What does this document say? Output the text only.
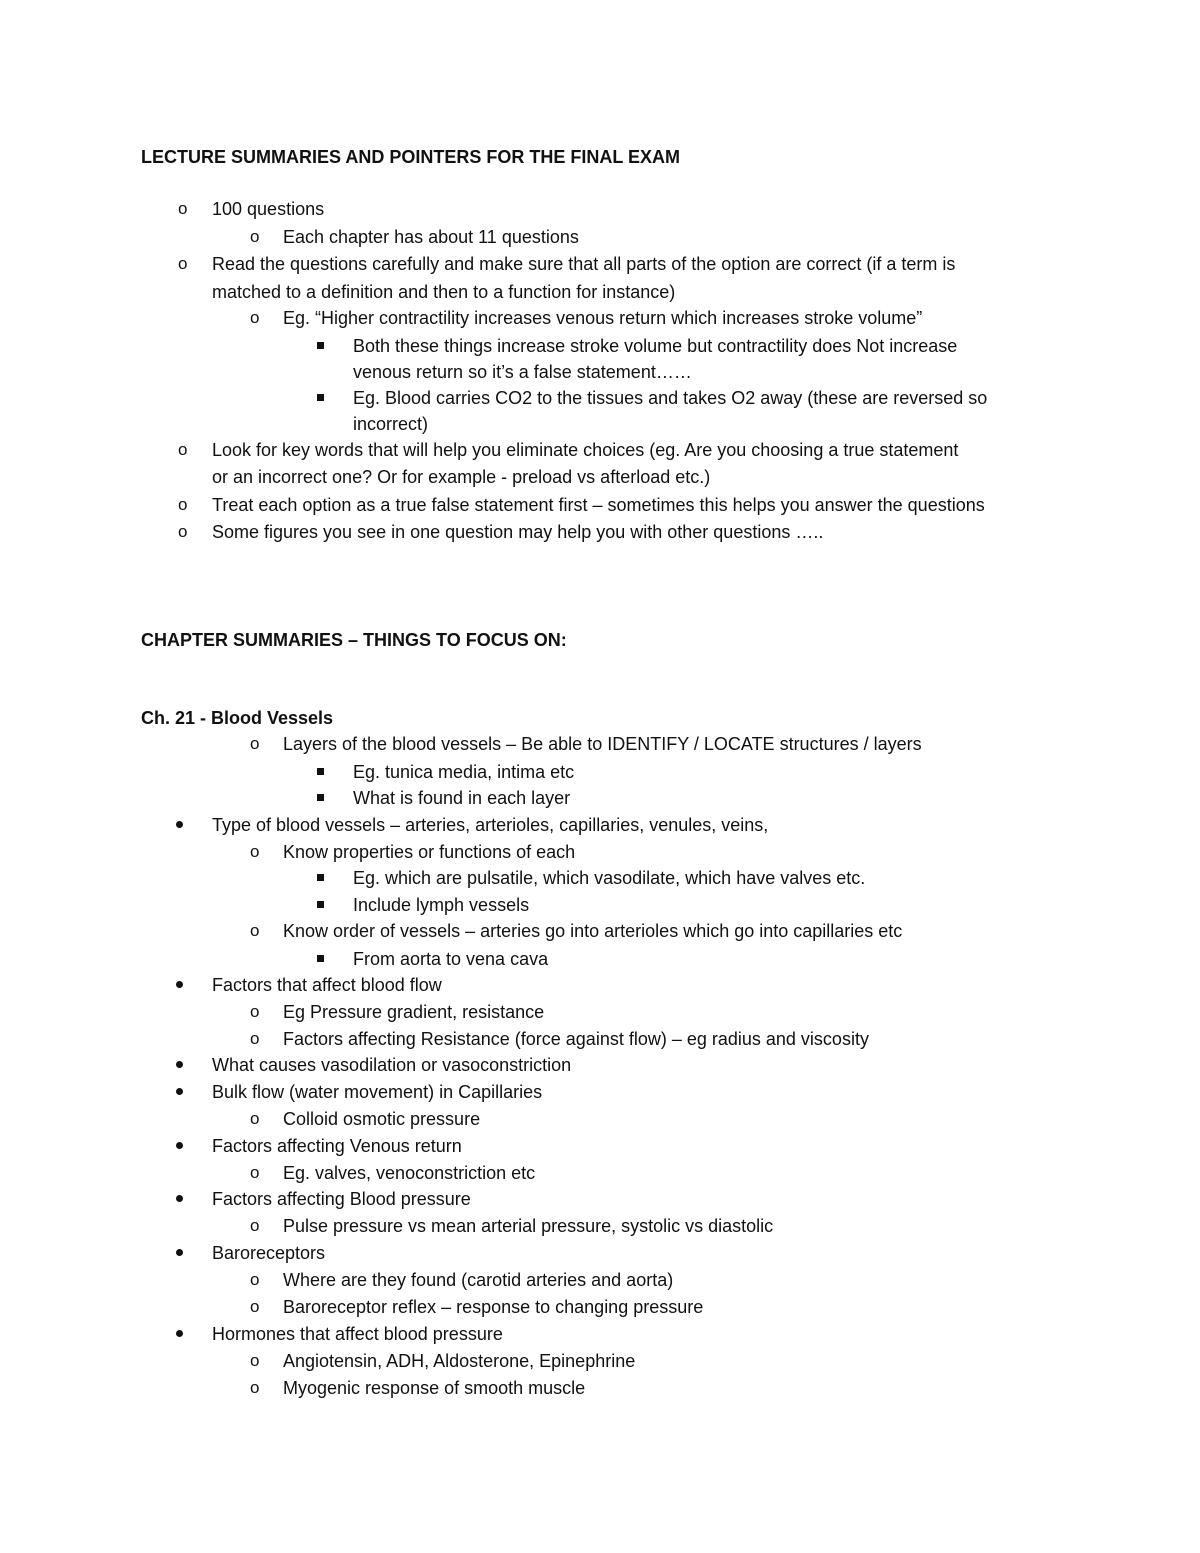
LECTURE SUMMARIES AND POINTERS FOR THE FINAL EXAM
o	100 questions
o	Each chapter has about 11 questions
o	Read the questions carefully and make sure that all parts of the option are correct (if a term is
matched to a definition and then to a function for instance)
o	Eg. “Higher contractility increases venous return which increases stroke volume”
Both these things increase stroke volume but contractility does Not increase
venous return so it’s a false statement……
Eg. Blood carries CO2 to the tissues and takes O2 away (these are reversed so
incorrect)
o	Look for key words that will help you eliminate choices (eg. Are you choosing a true statement
or an incorrect one? Or for example - preload vs afterload etc.)
o	Treat each option as a true false statement first – sometimes this helps you answer the questions
o	Some figures you see in one question may help you with other questions …..
CHAPTER SUMMARIES – THINGS TO FOCUS ON:
Ch. 21 - Blood Vessels
o	Layers of the blood vessels – Be able to IDENTIFY / LOCATE structures / layers
Eg. tunica media, intima etc
What is found in each layer
Type of blood vessels – arteries, arterioles, capillaries, venules, veins,
o	Know properties or functions of each
Eg. which are pulsatile, which vasodilate, which have valves etc.
Include lymph vessels
o	Know order of vessels – arteries go into arterioles which go into capillaries etc
From aorta to vena cava
Factors that affect blood flow
o	Eg Pressure gradient, resistance
o	Factors affecting Resistance (force against flow) – eg radius and viscosity
What causes vasodilation or vasoconstriction
Bulk flow (water movement) in Capillaries
o	Colloid osmotic pressure
Factors affecting Venous return
o	Eg. valves, venoconstriction etc
Factors affecting Blood pressure
o	Pulse pressure vs mean arterial pressure, systolic vs diastolic
Baroreceptors
o	Where are they found (carotid arteries and aorta)
o	Baroreceptor reflex – response to changing pressure
Hormones that affect blood pressure
o	Angiotensin, ADH, Aldosterone, Epinephrine
o	Myogenic response of smooth muscle
